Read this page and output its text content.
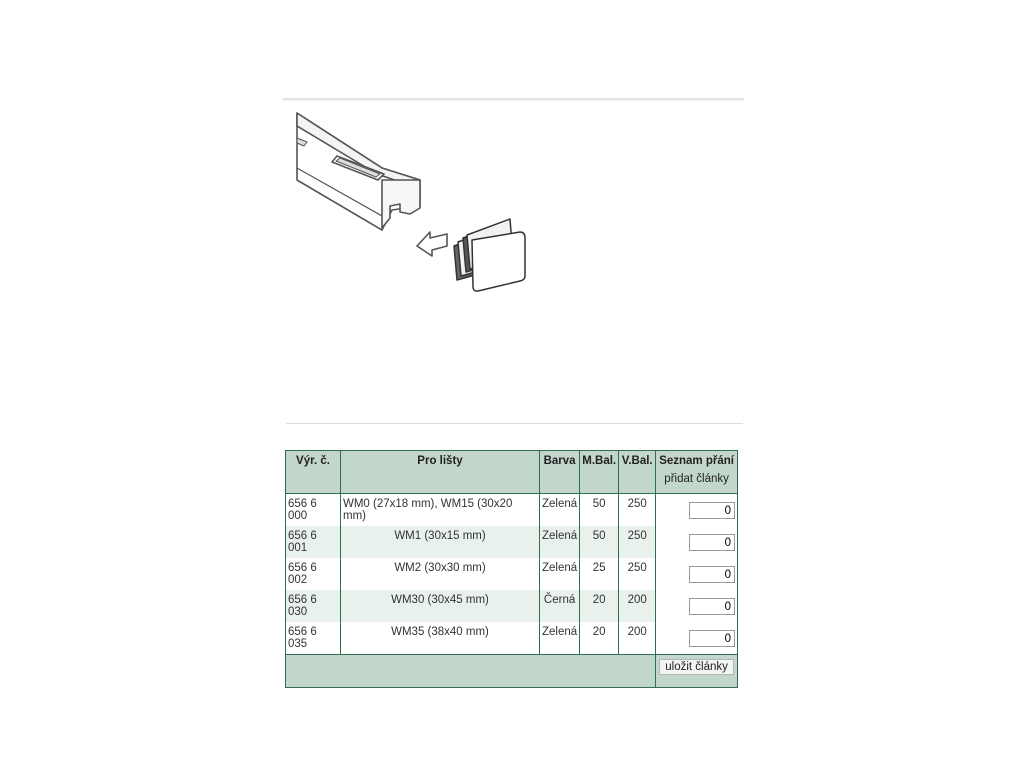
Výr. č.	Pro lišty	Barva	M.Bal.	V.Bal.	Seznam přání
přidat články

656 6 000	WM0 (27x18 mm), WM15 (30x20 mm)	Zelená	50	250	0
656 6 001	WM1 (30x15 mm)	Zelená	50	250	0
656 6 002	WM2 (30x30 mm)	Zelená	25	250	0
656 6 030	WM30 (30x45 mm)	Černá	20	200	0
656 6 035	WM35 (38x40 mm)	Zelená	20	200	0
					uložit články
